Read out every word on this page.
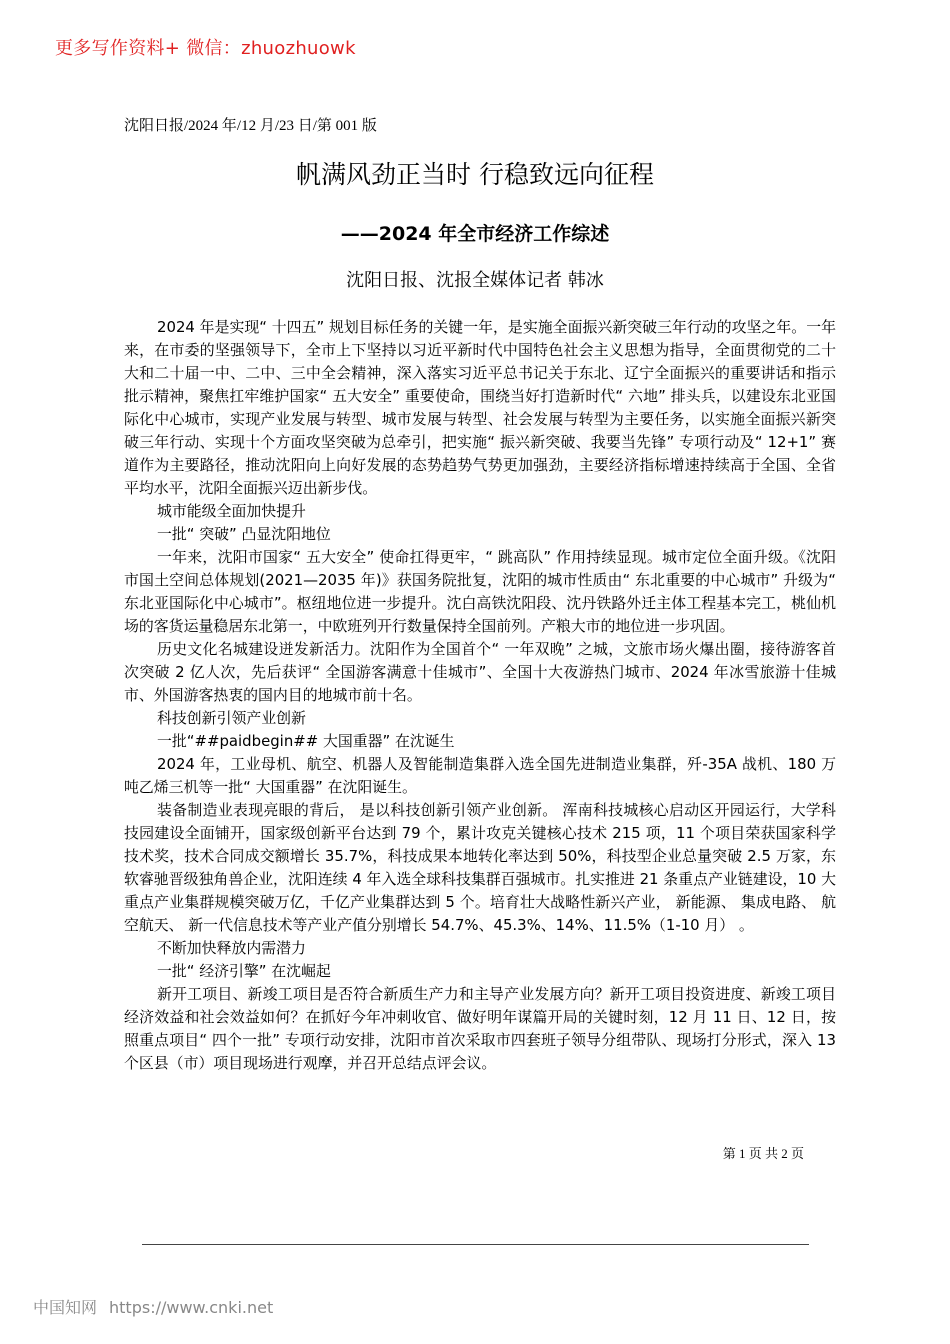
更多写作资料+ 微信：zhuozhuowk
沈阳日报/2024 年/12 月/23 日/第 001 版
帆满风劲正当时 行稳致远向征程
——2024 年全市经济工作综述
沈阳日报、沈报全媒体记者 韩冰

2024 年是实现“ 十四五” 规划目标任务的关键一年，是实施全面振兴新突破三年行动的攻坚之年。一年来，在市委的坚强领导下，全市上下坚持以习近平新时代中国特色社会主义思想为指导，全面贯彻党的二十大和二十届一中、二中、三中全会精神，深入落实习近平总书记关于东北、辽宁全面振兴的重要讲话和指示批示精神，聚焦扛牢维护国家“ 五大安全” 重要使命，围绕当好打造新时代“ 六地” 排头兵，以建设东北亚国际化中心城市，实现产业发展与转型、城市发展与转型、社会发展与转型为主要任务，以实施全面振兴新突破三年行动、实现十个方面攻坚突破为总牵引，把实施“ 振兴新突破、我要当先锋” 专项行动及“ 12+1” 赛道作为主要路径，推动沈阳向上向好发展的态势趋势气势更加强劲，主要经济指标增速持续高于全国、全省平均水平，沈阳全面振兴迈出新步伐。

城市能级全面加快提升

一批“ 突破” 凸显沈阳地位

一年来，沈阳市国家“ 五大安全” 使命扛得更牢，“ 跳高队” 作用持续显现。城市定位全面升级。《沈阳市国土空间总体规划(2021—2035 年)》获国务院批复，沈阳的城市性质由“ 东北重要的中心城市” 升级为“ 东北亚国际化中心城市”。枢纽地位进一步提升。沈白高铁沈阳段、沈丹铁路外迁主体工程基本完工，桃仙机场的客货运量稳居东北第一，中欧班列开行数量保持全国前列。产粮大市的地位进一步巩固。

历史文化名城建设迸发新活力。沈阳作为全国首个“ 一年双晚” 之城，文旅市场火爆出圈，接待游客首次突破 2 亿人次，先后获评“ 全国游客满意十佳城市”、全国十大夜游热门城市、2024 年冰雪旅游十佳城市、外国游客热衷的国内目的地城市前十名。

科技创新引领产业创新

一批“##paidbegin## 大国重器” 在沈诞生

2024 年，工业母机、航空、机器人及智能制造集群入选全国先进制造业集群，歼-35A 战机、180 万吨乙烯三机等一批“ 大国重器” 在沈阳诞生。

装备制造业表现亮眼的背后， 是以科技创新引领产业创新。 浑南科技城核心启动区开园运行，大学科技园建设全面铺开，国家级创新平台达到 79 个，累计攻克关键核心技术 215 项，11 个项目荣获国家科学技术奖，技术合同成交额增长 35.7%，科技成果本地转化率达到 50%，科技型企业总量突破 2.5 万家，东软睿驰晋级独角兽企业，沈阳连续 4 年入选全球科技集群百强城市。扎实推进 21 条重点产业链建设，10 大重点产业集群规模突破万亿，千亿产业集群达到 5 个。培育壮大战略性新兴产业， 新能源、 集成电路、 航空航天、 新一代信息技术等产业产值分别增长 54.7%、45.3%、14%、11.5%（1-10 月） 。

不断加快释放内需潜力

一批“ 经济引擎” 在沈崛起

新开工项目、新竣工项目是否符合新质生产力和主导产业发展方向？新开工项目投资进度、新竣工项目经济效益和社会效益如何？在抓好今年冲刺收官、做好明年谋篇开局的关键时刻，12 月 11 日、12 日，按照重点项目“ 四个一批” 专项行动安排，沈阳市首次采取市四套班子领导分组带队、现场打分形式，深入 13 个区县（市）项目现场进行观摩，并召开总结点评会议。

第 1 页 共 2 页
中国知网 https://www.cnki.net
